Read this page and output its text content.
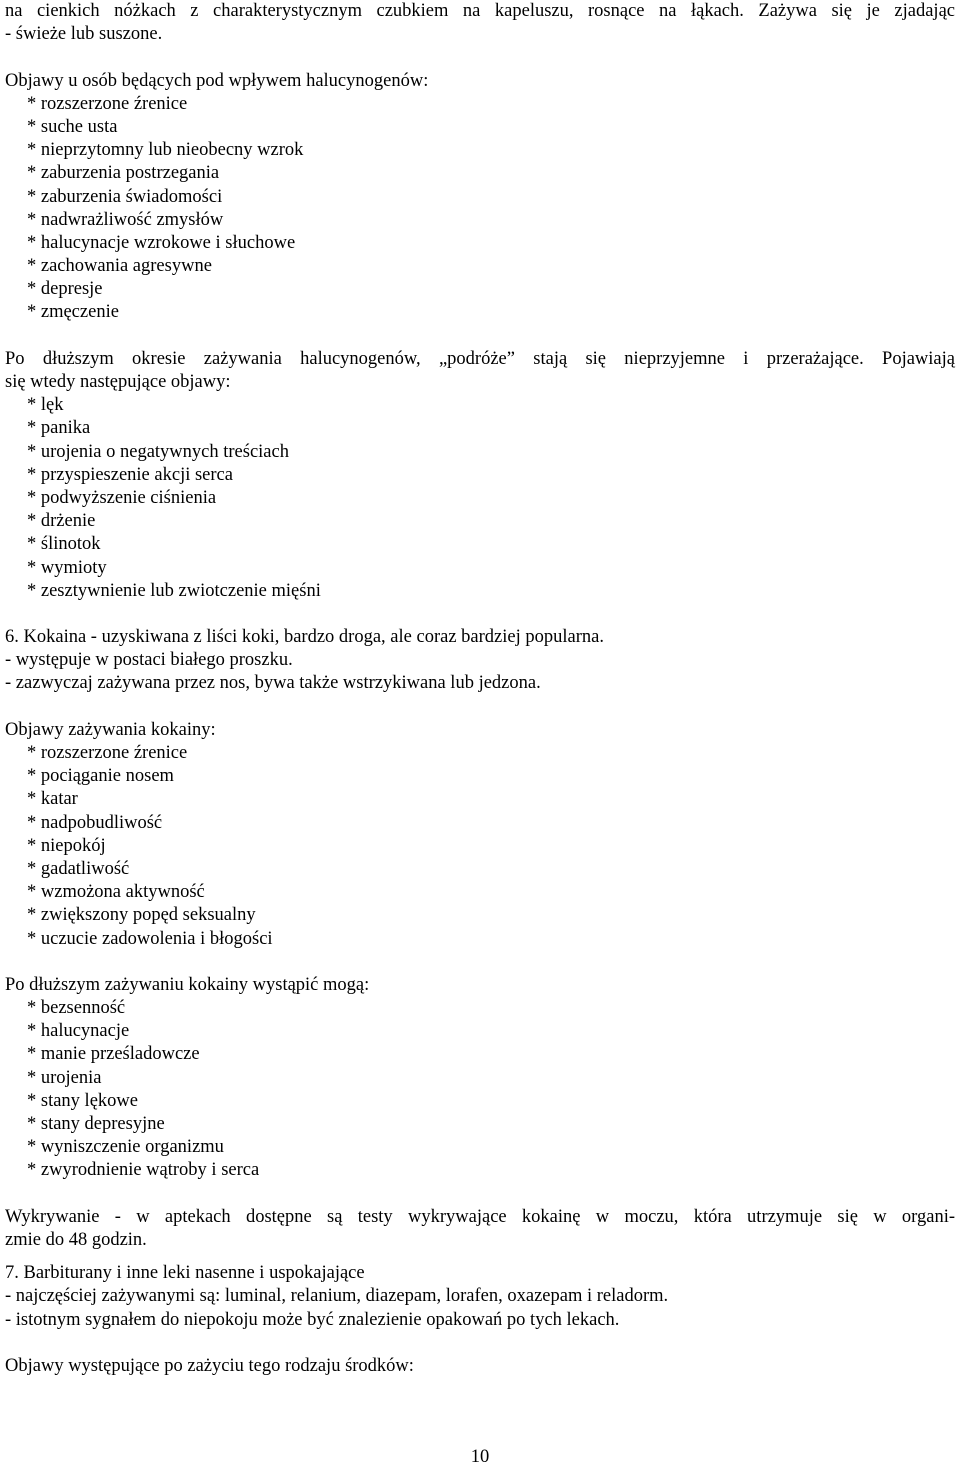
na cienkich nóżkach z charakterystycznym czubkiem na kapeluszu, rosnące na łąkach. Zażywa się je zjadając
- świeże lub suszone.
Objawy u osób będących pod wpływem halucynogenów:
* rozszerzone źrenice
* suche usta
* nieprzytomny lub nieobecny wzrok
* zaburzenia postrzegania
* zaburzenia świadomości
* nadwrażliwość zmysłów
* halucynacje wzrokowe i słuchowe
* zachowania agresywne
* depresje
* zmęczenie
Po dłuższym okresie zażywania halucynogenów, „podróże” stają się nieprzyjemne i przerażające. Pojawiają
się wtedy następujące objawy:
* lęk
* panika
* urojenia o negatywnych treściach
* przyspieszenie akcji serca
* podwyższenie ciśnienia
* drżenie
* ślinotok
* wymioty
* zesztywnienie lub zwiotczenie mięśni
6. Kokaina - uzyskiwana z liści koki, bardzo droga, ale coraz bardziej popularna.
- występuje w postaci białego proszku.
- zazwyczaj zażywana przez nos, bywa także wstrzykiwana lub jedzona.
Objawy zażywania kokainy:
* rozszerzone źrenice
* pociąganie nosem
* katar
* nadpobudliwość
* niepokój
* gadatliwość
* wzmożona aktywność
* zwiększony popęd seksualny
* uczucie zadowolenia i błogości
Po dłuższym zażywaniu kokainy wystąpić mogą:
* bezsenność
* halucynacje
* manie prześladowcze
* urojenia
* stany lękowe
* stany depresyjne
* wyniszczenie organizmu
* zwyrodnienie wątroby i serca
Wykrywanie - w aptekach dostępne są testy wykrywające kokainę w moczu, która utrzymuje się w organi-
zmie do 48 godzin.
7. Barbiturany i inne leki nasenne i uspokajające
- najczęściej zażywanymi są: luminal, relanium, diazepam, lorafen, oxazepam i reladorm.
- istotnym sygnałem do niepokoju może być znalezienie opakowań po tych lekach.
Objawy występujące po zażyciu tego rodzaju środków:
10
